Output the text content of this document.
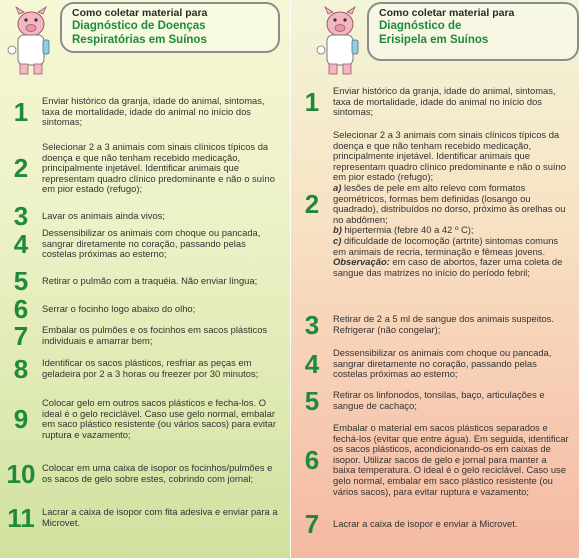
Como coletar material para
Diagnóstico de Doenças
Respiratórias em Suínos
1	Enviar histórico da granja, idade do animal, sintomas, taxa de mortalidade, idade do animal no início dos sintomas;
2
Selecionar 2 a 3 animais com sinais clínicos típicos da doença e que não tenham recebido medicação, principalmente injetável. Identificar animais que representam quadro clínico predominante e não o suíno em pior estado (refugo);
3	Lavar os animais ainda vivos;
4	Dessensibilizar os animais com choque ou pancada, sangrar diretamente no coração, passando pelas costelas próximas ao esterno;
5	Retirar o pulmão com a traquéia. Não enviar língua;
6	Serrar o focinho logo abaixo do olho;
7	Embalar os pulmões e os focinhos em sacos plásticos individuais e amarrar bem;
8	Identificar os sacos plásticos, resfriar as peças em geladeira por 2 a 3 horas ou freezer por 30 minutos;
9
Colocar gelo em outros sacos plásticos e fecha-los. O ideal é o gelo reciclável. Caso use gelo normal, embalar em saco plástico resistente (ou vários sacos) para evitar ruptura e vazamento;
10 Colocar em uma caixa de isopor os focinhos/pulmões e os sacos de gelo sobre estes, cobrindo com jornal;
11 Lacrar a caixa de isopor com fita adesiva e enviar para a Microvet.
Como coletar material para
Diagnóstico de
Erisipela em Suínos
1	Enviar histórico da granja, idade do animal, sintomas, taxa de mortalidade, idade do animal no início dos sintomas;
2
Selecionar 2 a 3 animais com sinais clínicos típicos da doença e que não tenham recebido medicação, principalmente injetável. Identificar animais que representam quadro clínico predominante e não o suíno em pior estado (refugo);
a) lesões de pele em alto relevo com formatos geométricos, formas bem definidas (losango ou quadrado), distribuídos no dorso, próximo às orelhas ou no abdômen;
b) hipertermia (febre 40 a 42 º C);
c) dificuldade de locomoção (artrite) sintomas comuns em animais de recria, terminação e fêmeas jovens.
Observação: em caso de abortos, fazer uma coleta de sangue das matrizes no início do período febril;
3	Retirar de 2 a 5 ml de sangue dos animais suspeitos. Refrigerar (não congelar);
4	Dessensibilizar os animais com choque ou pancada, sangrar diretamente no coração, passando pelas costelas próximas ao esterno;
5	Retirar os linfonodos, tonsilas, baço, articulações e sangue de cachaço;
6
Embalar o material em sacos plásticos separados e fechá-los (evitar que entre água). Em seguida, identificar os sacos plásticos, acondicionando-os em caixas de isopor. Utilizar sacos de gelo e jornal para manter a baixa temperatura. O ideal é o gelo reciclável. Caso use gelo normal, embalar em saco plástico resistente (ou vários sacos), para evitar ruptura e vazamento;
7	Lacrar a caixa de isopor e enviar à Microvet.
